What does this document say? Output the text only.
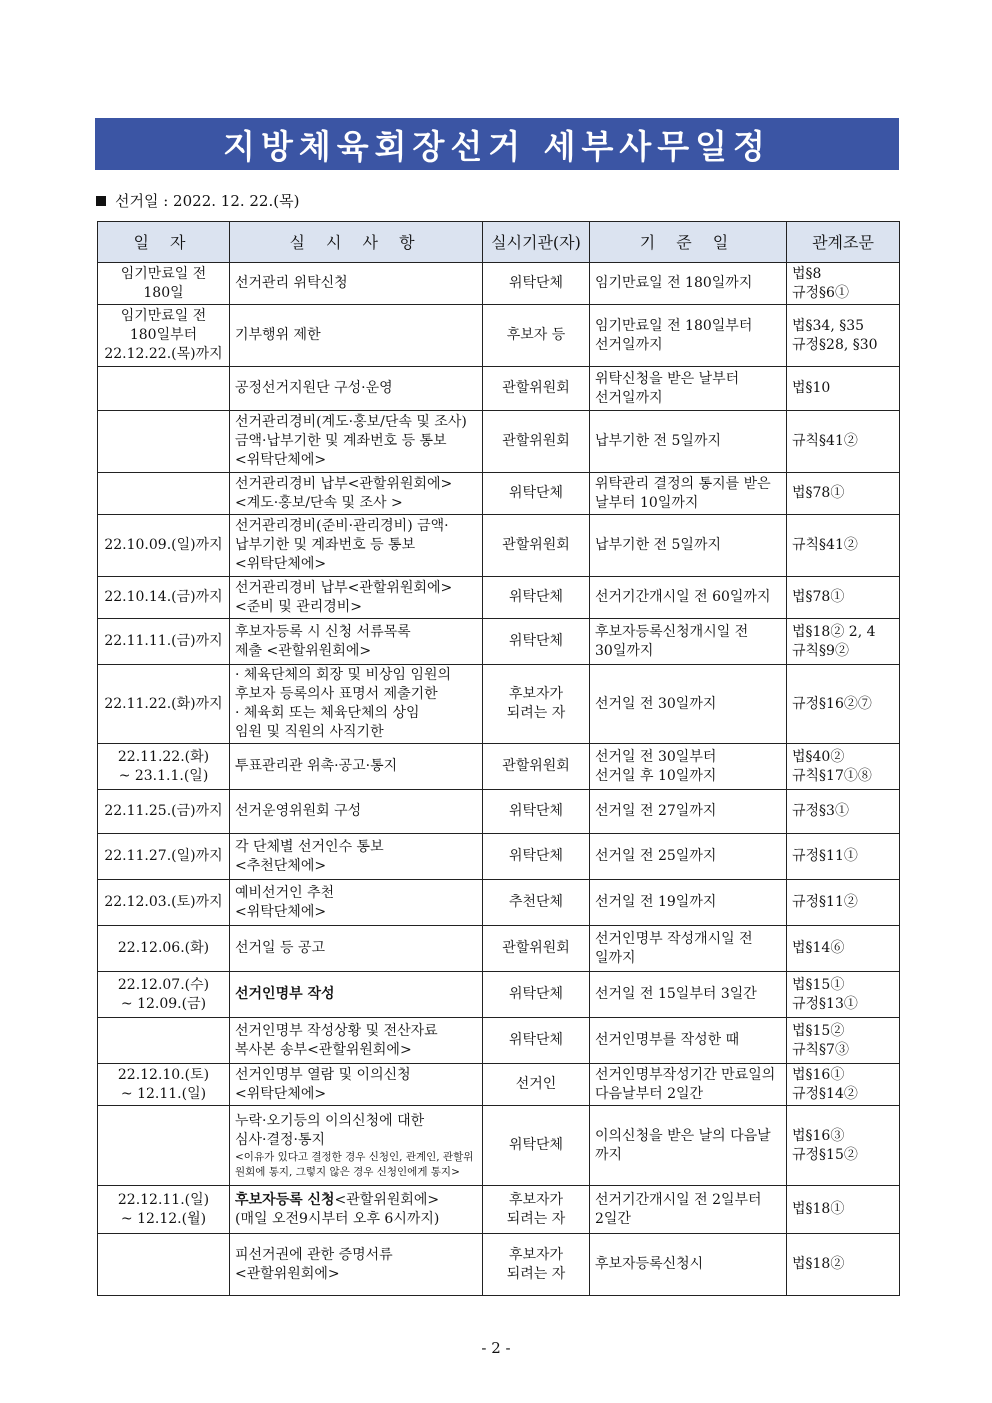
지방체육회장선거 세부사무일정
선거일 : 2022. 12. 22.(목)
일 자	실 시 사 항	실시기관(자)	기 준 일	관계조문

임기만료일 전
180일	선거관리 위탁신청	위탁단체	임기만료일 전 180일까지	법§8
규정§6①

임기만료일 전
180일부터
22.12.22.(목)까지	기부행위 제한	후보자 등	임기만료일 전 180일부터
선거일까지	법§34, §35
규정§28, §30

	공정선거지원단 구성·운영	관할위원회	위탁신청을 받은 날부터
선거일까지	법§10

	선거관리경비(계도·홍보/단속 및 조사)
금액·납부기한 및 계좌번호 등 통보
<위탁단체에>	관할위원회	납부기한 전 5일까지	규칙§41②

	선거관리경비 납부<관할위원회에>
<계도·홍보/단속 및 조사 >	위탁단체	위탁관리 결정의 통지를 받은
날부터 10일까지	법§78①

22.10.09.(일)까지	선거관리경비(준비·관리경비) 금액·
납부기한 및 계좌번호 등 통보
<위탁단체에>	관할위원회	납부기한 전 5일까지	규칙§41②

22.10.14.(금)까지	선거관리경비 납부<관할위원회에>
<준비 및 관리경비>	위탁단체	선거기간개시일 전 60일까지	법§78①

22.11.11.(금)까지	후보자등록 시 신청 서류목록
제출 <관할위원회에>	위탁단체	후보자등록신청개시일 전
30일까지	법§18② 2, 4
규칙§9②

22.11.22.(화)까지	· 체육단체의 회장 및 비상임 임원의
후보자 등록의사 표명서 제출기한
· 체육회 또는 체육단체의 상임
임원 및 직원의 사직기한	후보자가
되려는 자	선거일 전 30일까지	규정§16②⑦

22.11.22.(화)
~ 23.1.1.(일)	투표관리관 위촉·공고·통지	관할위원회	선거일 전 30일부터
선거일 후 10일까지	법§40②
규칙§17①⑧

22.11.25.(금)까지	선거운영위원회 구성	위탁단체	선거일 전 27일까지	규정§3①

22.11.27.(일)까지	각 단체별 선거인수 통보
<추천단체에>	위탁단체	선거일 전 25일까지	규정§11①

22.12.03.(토)까지	예비선거인 추천
<위탁단체에>	추천단체	선거일 전 19일까지	규정§11②

22.12.06.(화)	선거일 등 공고	관할위원회	선거인명부 작성개시일 전
일까지	법§14⑥

22.12.07.(수)
~ 12.09.(금)	선거인명부 작성	위탁단체	선거일 전 15일부터 3일간	법§15①
규정§13①

	선거인명부 작성상황 및 전산자료
복사본 송부<관할위원회에>	위탁단체	선거인명부를 작성한 때	법§15②
규칙§7③

22.12.10.(토)
~ 12.11.(일)	선거인명부 열람 및 이의신청
<위탁단체에>	선거인	선거인명부작성기간 만료일의
다음날부터 2일간	법§16①
규정§14②

	누락·오기등의 이의신청에 대한
심사·결정·통지
<이유가 있다고 결정한 경우 신청인, 관계인, 관할위원회에 통지, 그렇지 않은 경우 신청인에게 통지>	위탁단체	이의신청을 받은 날의 다음날까지	법§16③
규정§15②

22.12.11.(일)
~ 12.12.(월)	후보자등록 신청<관할위원회에>
(매일 오전9시부터 오후 6시까지)	후보자가
되려는 자	선거기간개시일 전 2일부터
2일간	법§18①

	피선거권에 관한 증명서류
<관할위원회에>	후보자가
되려는 자	후보자등록신청시	법§18②
- 2 -
